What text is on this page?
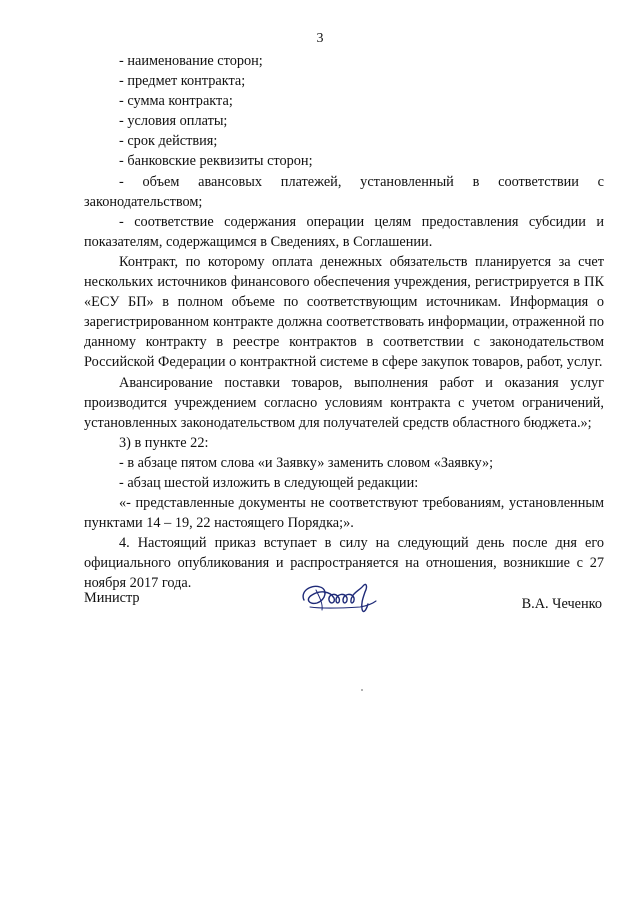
3

- наименование сторон;

- предмет контракта;

- сумма контракта;

- условия оплаты;

- срок действия;

- банковские реквизиты сторон;

- объем авансовых платежей, установленный в соответствии с законодательством;

- соответствие содержания операции целям предоставления субсидии и показателям, содержащимся в Сведениях, в Соглашении.

Контракт, по которому оплата денежных обязательств планируется за счет нескольких источников финансового обеспечения учреждения, регистрируется в ПК «ЕСУ БП» в полном объеме по соответствующим источникам. Информация о зарегистрированном контракте должна соответствовать информации, отраженной по данному контракту в реестре контрактов в соответствии с законодательством Российской Федерации о контрактной системе в сфере закупок товаров, работ, услуг.

Авансирование поставки товаров, выполнения работ и оказания услуг производится учреждением согласно условиям контракта с учетом ограничений, установленных законодательством для получателей средств областного бюджета.»;

3) в пункте 22:

- в абзаце пятом слова «и Заявку» заменить словом «Заявку»;

- абзац шестой изложить в следующей редакции:

«- представленные документы не соответствуют требованиям, установленным пунктами 14 – 19, 22 настоящего Порядка;».

4. Настоящий приказ вступает в силу на следующий день после дня его официального опубликования и распространяется на отношения, возникшие с 27 ноября 2017 года.

Министр	В.А. Чеченко
